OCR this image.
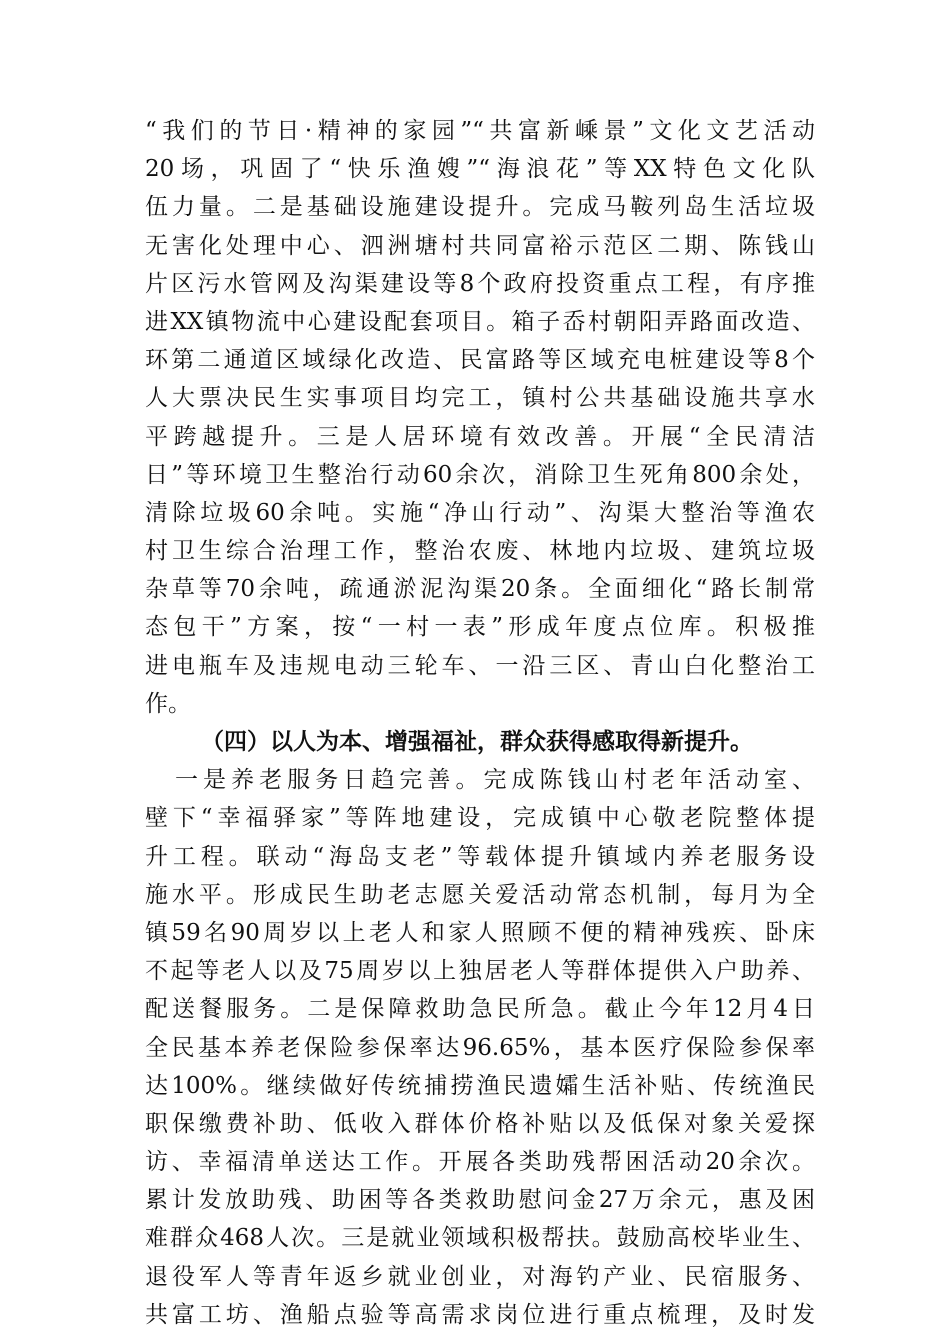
“我们的节日·精神的家园”“共富新嵊景”文化文艺活动
20场，巩固了“快乐渔嫂”“海浪花”等XX特色文化队
伍力量。二是基础设施建设提升。完成马鞍列岛生活垃圾
无害化处理中心、泗洲塘村共同富裕示范区二期、陈钱山
片区污水管网及沟渠建设等8个政府投资重点工程，有序推
进XX镇物流中心建设配套项目。箱子岙村朝阳弄路面改造、
环第二通道区域绿化改造、民富路等区域充电桩建设等8个
人大票决民生实事项目均完工，镇村公共基础设施共享水
平跨越提升。三是人居环境有效改善。开展“全民清洁
日”等环境卫生整治行动60余次，消除卫生死角800余处，
清除垃圾60余吨。实施“净山行动”、沟渠大整治等渔农
村卫生综合治理工作，整治农废、林地内垃圾、建筑垃圾
杂草等70余吨，疏通淤泥沟渠20条。全面细化“路长制常
态包干”方案，按“一村一表”形成年度点位库。积极推
进电瓶车及违规电动三轮车、一沿三区、青山白化整治工
作。
（四）以人为本、增强福祉，群众获得感取得新提升。
一是养老服务日趋完善。完成陈钱山村老年活动室、
壁下“幸福驿家”等阵地建设，完成镇中心敬老院整体提
升工程。联动“海岛支老”等载体提升镇域内养老服务设
施水平。形成民生助老志愿关爱活动常态机制，每月为全
镇59名90周岁以上老人和家人照顾不便的精神残疾、卧床
不起等老人以及75周岁以上独居老人等群体提供入户助养、
配送餐服务。二是保障救助急民所急。截止今年12月4日
全民基本养老保险参保率达96.65%，基本医疗保险参保率
达100%。继续做好传统捕捞渔民遗孀生活补贴、传统渔民
职保缴费补助、低收入群体价格补贴以及低保对象关爱探
访、幸福清单送达工作。开展各类助残帮困活动20余次。
累计发放助残、助困等各类救助慰问金27万余元，惠及困
难群众468人次。三是就业领域积极帮扶。鼓励高校毕业生、
退役军人等青年返乡就业创业，对海钓产业、民宿服务、
共富工坊、渔船点验等高需求岗位进行重点梳理，及时发
